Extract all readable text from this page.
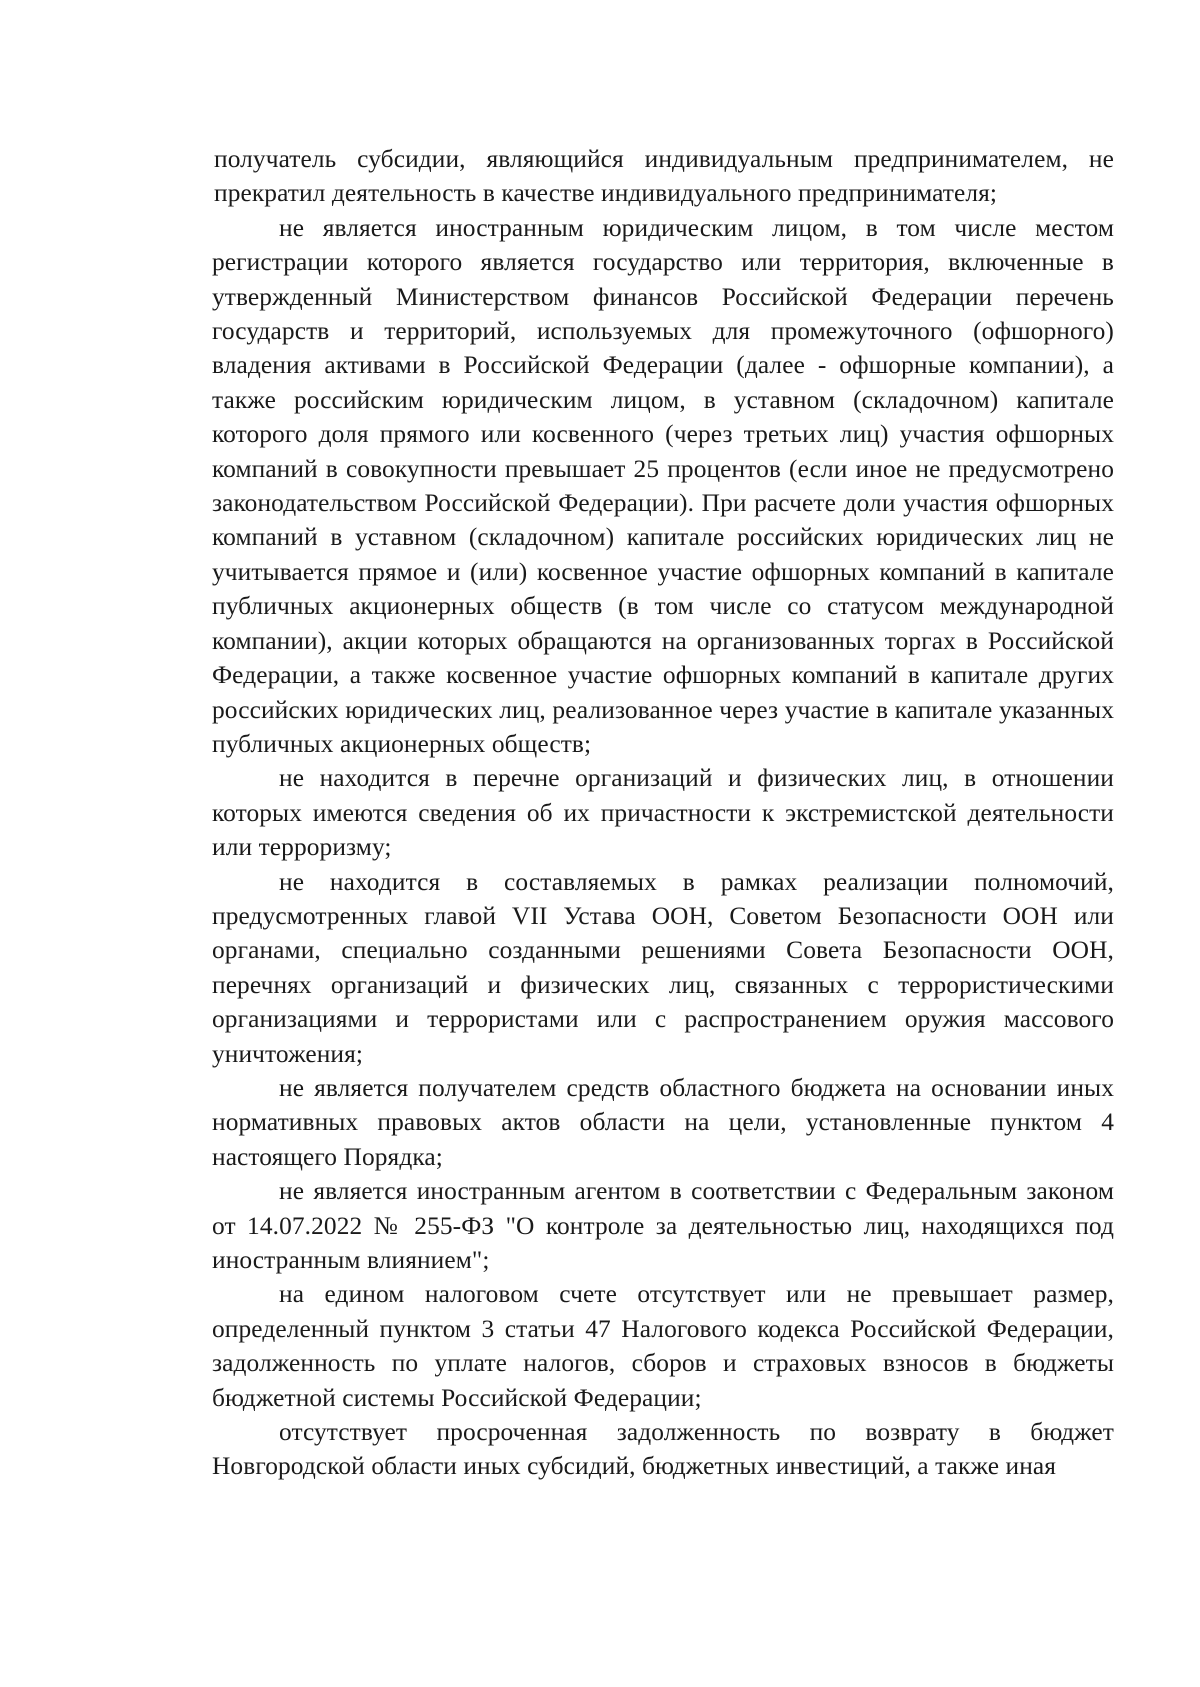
получатель субсидии, являющийся индивидуальным предпринимателем, не прекратил деятельность в качестве индивидуального предпринимателя;

не является иностранным юридическим лицом, в том числе местом регистрации которого является государство или территория, включенные в утвержденный Министерством финансов Российской Федерации перечень государств и территорий, используемых для промежуточного (офшорного) владения активами в Российской Федерации (далее - офшорные компании), а также российским юридическим лицом, в уставном (складочном) капитале которого доля прямого или косвенного (через третьих лиц) участия офшорных компаний в совокупности превышает 25 процентов (если иное не предусмотрено законодательством Российской Федерации). При расчете доли участия офшорных компаний в уставном (складочном) капитале российских юридических лиц не учитывается прямое и (или) косвенное участие офшорных компаний в капитале публичных акционерных обществ (в том числе со статусом международной компании), акции которых обращаются на организованных торгах в Российской Федерации, а также косвенное участие офшорных компаний в капитале других российских юридических лиц, реализованное через участие в капитале указанных публичных акционерных обществ;

не находится в перечне организаций и физических лиц, в отношении которых имеются сведения об их причастности к экстремистской деятельности или терроризму;

не находится в составляемых в рамках реализации полномочий, предусмотренных главой VII Устава ООН, Советом Безопасности ООН или органами, специально созданными решениями Совета Безопасности ООН, перечнях организаций и физических лиц, связанных с террористическими организациями и террористами или с распространением оружия массового уничтожения;

не является получателем средств областного бюджета на основании иных нормативных правовых актов области на цели, установленные пунктом 4 настоящего Порядка;

не является иностранным агентом в соответствии с Федеральным законом от 14.07.2022 № 255-ФЗ "О контроле за деятельностью лиц, находящихся под иностранным влиянием";

на едином налоговом счете отсутствует или не превышает размер, определенный пунктом 3 статьи 47 Налогового кодекса Российской Федерации, задолженность по уплате налогов, сборов и страховых взносов в бюджеты бюджетной системы Российской Федерации;

отсутствует просроченная задолженность по возврату в бюджет Новгородской области иных субсидий, бюджетных инвестиций, а также иная
